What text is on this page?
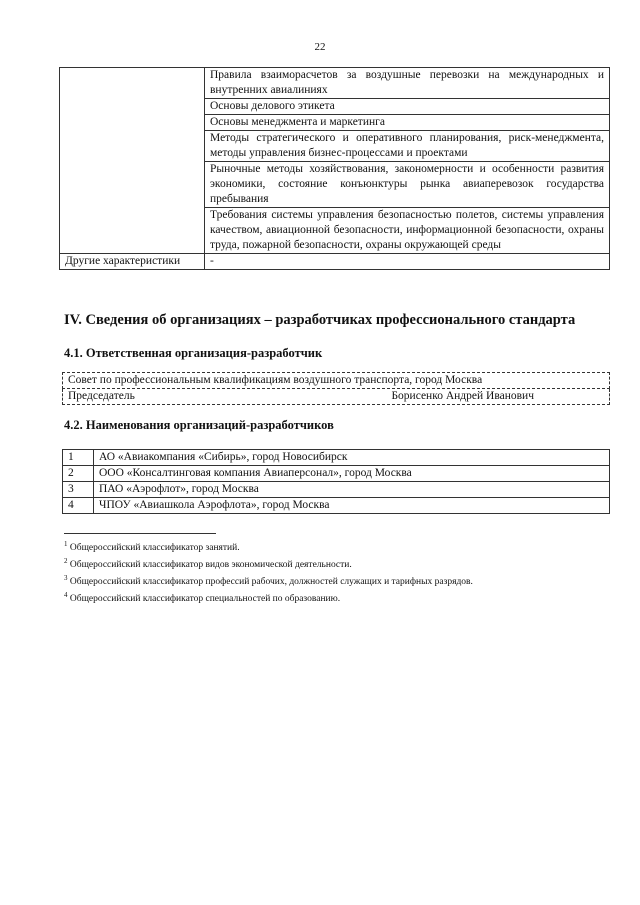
22
	Правила взаиморасчетов за воздушные перевозки на международных и внутренних авиалиниях
	Основы делового этикета
	Основы менеджмента и маркетинга
	Методы стратегического и оперативного планирования, риск-менеджмента, методы управления бизнес-процессами и проектами
	Рыночные методы хозяйствования, закономерности и особенности развития экономики, состояние конъюнктуры рынка авиаперевозок государства пребывания
	Требования системы управления безопасностью полетов, системы управления качеством, авиационной безопасности, информационной безопасности, охраны труда, пожарной безопасности, охраны окружающей среды
Другие характеристики	-
IV. Сведения об организациях – разработчиках профессионального стандарта
4.1. Ответственная организация-разработчик
Совет по профессиональным квалификациям воздушного транспорта, город Москва

Председатель	Борисенко Андрей Иванович
4.2. Наименования организаций-разработчиков
1	АО «Авиакомпания «Сибирь», город Новосибирск
2	ООО «Консалтинговая компания Авиаперсонал», город Москва
3	ПАО «Аэрофлот», город Москва
4	ЧПОУ «Авиашкола Аэрофлота», город Москва
$^1$ Общероссийский классификатор занятий.
$^2$ Общероссийский классификатор видов экономической деятельности.
$^3$ Общероссийский классификатор профессий рабочих, должностей служащих и тарифных разрядов.
$^4$ Общероссийский классификатор специальностей по образованию.
